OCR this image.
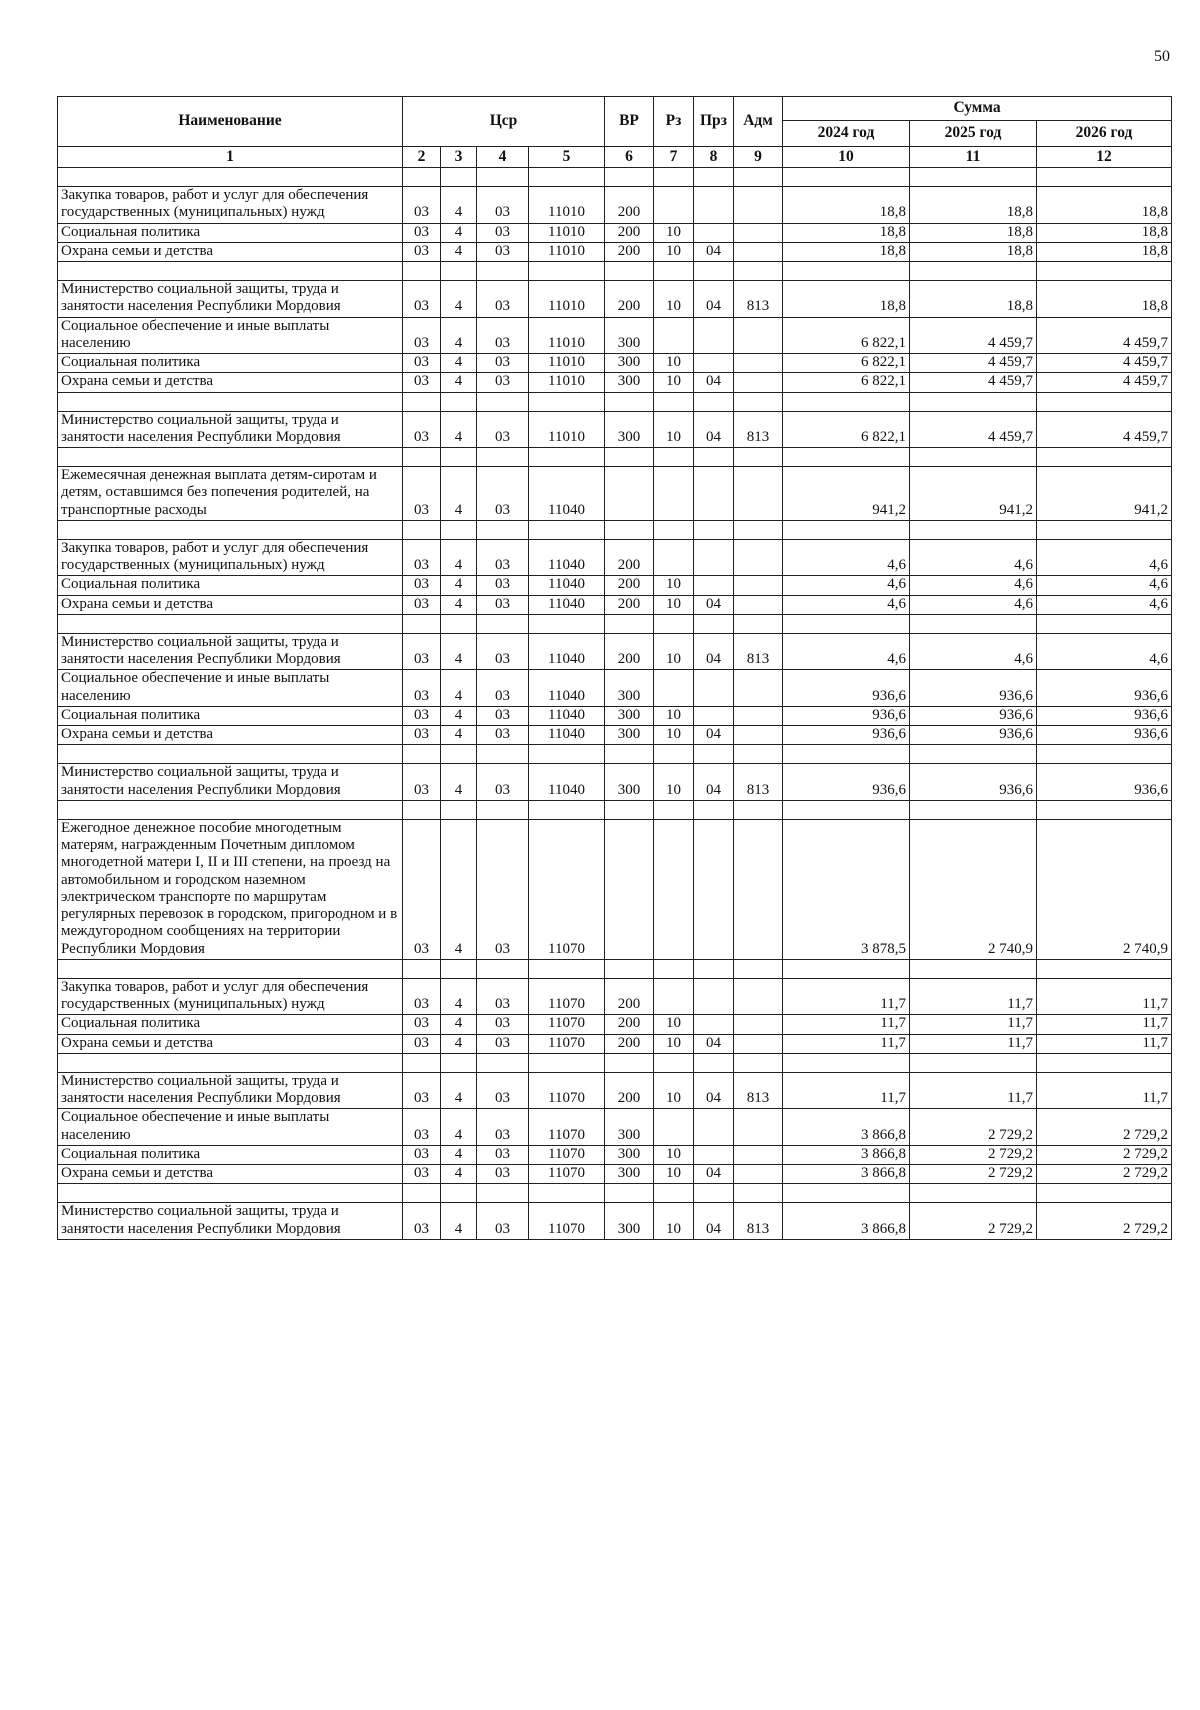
50
Наименование	Цср				ВР	Рз	Прз	Адм	Сумма		
									2024 год	2025 год	2026 год
1	2	3	4	5	6	7	8	9	10	11	12

Закупка товаров, работ и услуг для обеспечения государственных (муниципальных) нужд	03	4	03	11010	200				18,8	18,8	18,8
Социальная политика	03	4	03	11010	200	10			18,8	18,8	18,8
Охрана семьи и детства	03	4	03	11010	200	10	04		18,8	18,8	18,8

Министерство социальной защиты, труда и занятости населения Республики Мордовия	03	4	03	11010	200	10	04	813	18,8	18,8	18,8
Социальное обеспечение и иные выплаты населению	03	4	03	11010	300				6 822,1	4 459,7	4 459,7
Социальная политика	03	4	03	11010	300	10			6 822,1	4 459,7	4 459,7
Охрана семьи и детства	03	4	03	11010	300	10	04		6 822,1	4 459,7	4 459,7

Министерство социальной защиты, труда и занятости населения Республики Мордовия	03	4	03	11010	300	10	04	813	6 822,1	4 459,7	4 459,7

Ежемесячная денежная выплата детям-сиротам и детям, оставшимся без попечения родителей, на транспортные расходы	03	4	03	11040					941,2	941,2	941,2

Закупка товаров, работ и услуг для обеспечения государственных (муниципальных) нужд	03	4	03	11040	200				4,6	4,6	4,6
Социальная политика	03	4	03	11040	200	10			4,6	4,6	4,6
Охрана семьи и детства	03	4	03	11040	200	10	04		4,6	4,6	4,6

Министерство социальной защиты, труда и занятости населения Республики Мордовия	03	4	03	11040	200	10	04	813	4,6	4,6	4,6
Социальное обеспечение и иные выплаты населению	03	4	03	11040	300				936,6	936,6	936,6
Социальная политика	03	4	03	11040	300	10			936,6	936,6	936,6
Охрана семьи и детства	03	4	03	11040	300	10	04		936,6	936,6	936,6

Министерство социальной защиты, труда и занятости населения Республики Мордовия	03	4	03	11040	300	10	04	813	936,6	936,6	936,6

Ежегодное денежное пособие многодетным матерям, награжденным Почетным дипломом многодетной матери I, II и III степени, на проезд на автомобильном и городском наземном электрическом транспорте по маршрутам регулярных перевозок в городском, пригородном и в междугородном сообщениях на территории Республики Мордовия	03	4	03	11070					3 878,5	2 740,9	2 740,9

Закупка товаров, работ и услуг для обеспечения государственных (муниципальных) нужд	03	4	03	11070	200				11,7	11,7	11,7
Социальная политика	03	4	03	11070	200	10			11,7	11,7	11,7
Охрана семьи и детства	03	4	03	11070	200	10	04		11,7	11,7	11,7

Министерство социальной защиты, труда и занятости населения Республики Мордовия	03	4	03	11070	200	10	04	813	11,7	11,7	11,7
Социальное обеспечение и иные выплаты населению	03	4	03	11070	300				3 866,8	2 729,2	2 729,2
Социальная политика	03	4	03	11070	300	10			3 866,8	2 729,2	2 729,2
Охрана семьи и детства	03	4	03	11070	300	10	04		3 866,8	2 729,2	2 729,2

Министерство социальной защиты, труда и занятости населения Республики Мордовия	03	4	03	11070	300	10	04	813	3 866,8	2 729,2	2 729,2
